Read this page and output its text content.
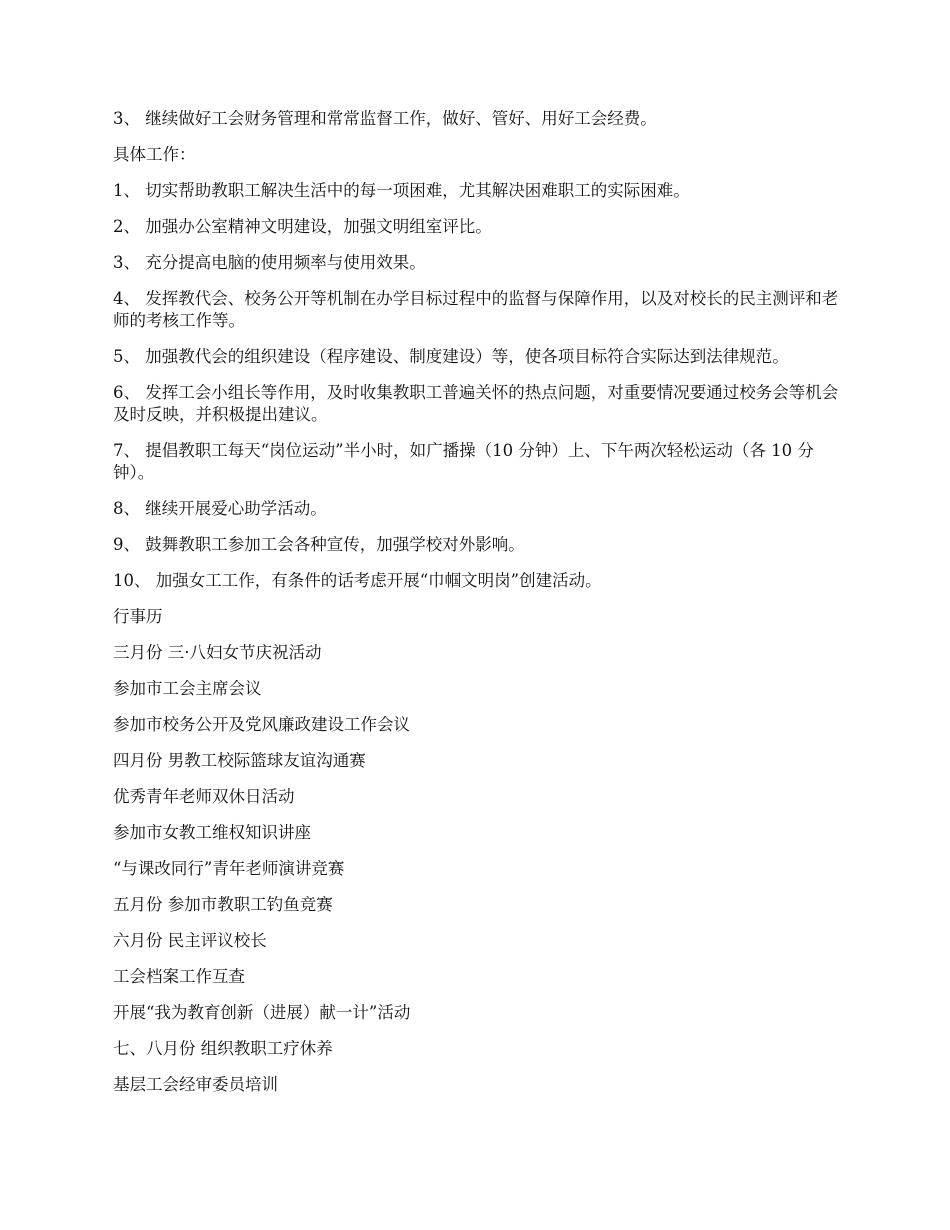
3、 继续做好工会财务管理和常常监督工作，做好、管好、用好工会经费。

具体工作：

1、 切实帮助教职工解决生活中的每一项困难，尤其解决困难职工的实际困难。

2、 加强办公室精神文明建设，加强文明组室评比。

3、 充分提高电脑的使用频率与使用效果。

4、 发挥教代会、校务公开等机制在办学目标过程中的监督与保障作用，以及对校长的民主测评和老师的考核工作等。

5、 加强教代会的组织建设（程序建设、制度建设）等，使各项目标符合实际达到法律规范。

6、 发挥工会小组长等作用，及时收集教职工普遍关怀的热点问题，对重要情况要通过校务会等机会及时反映，并积极提出建议。

7、 提倡教职工每天“岗位运动”半小时，如广播操（10 分钟）上、下午两次轻松运动（各 10 分钟）。

8、 继续开展爱心助学活动。

9、 鼓舞教职工参加工会各种宣传，加强学校对外影响。

10、 加强女工工作，有条件的话考虑开展“巾帼文明岗”创建活动。

行事历

三月份 三·八妇女节庆祝活动

参加市工会主席会议

参加市校务公开及党风廉政建设工作会议

四月份 男教工校际篮球友谊沟通赛

优秀青年老师双休日活动

参加市女教工维权知识讲座

“与课改同行”青年老师演讲竞赛

五月份 参加市教职工钓鱼竞赛

六月份 民主评议校长

工会档案工作互查

开展“我为教育创新（进展）献一计”活动

七、八月份 组织教职工疗休养

基层工会经审委员培训
